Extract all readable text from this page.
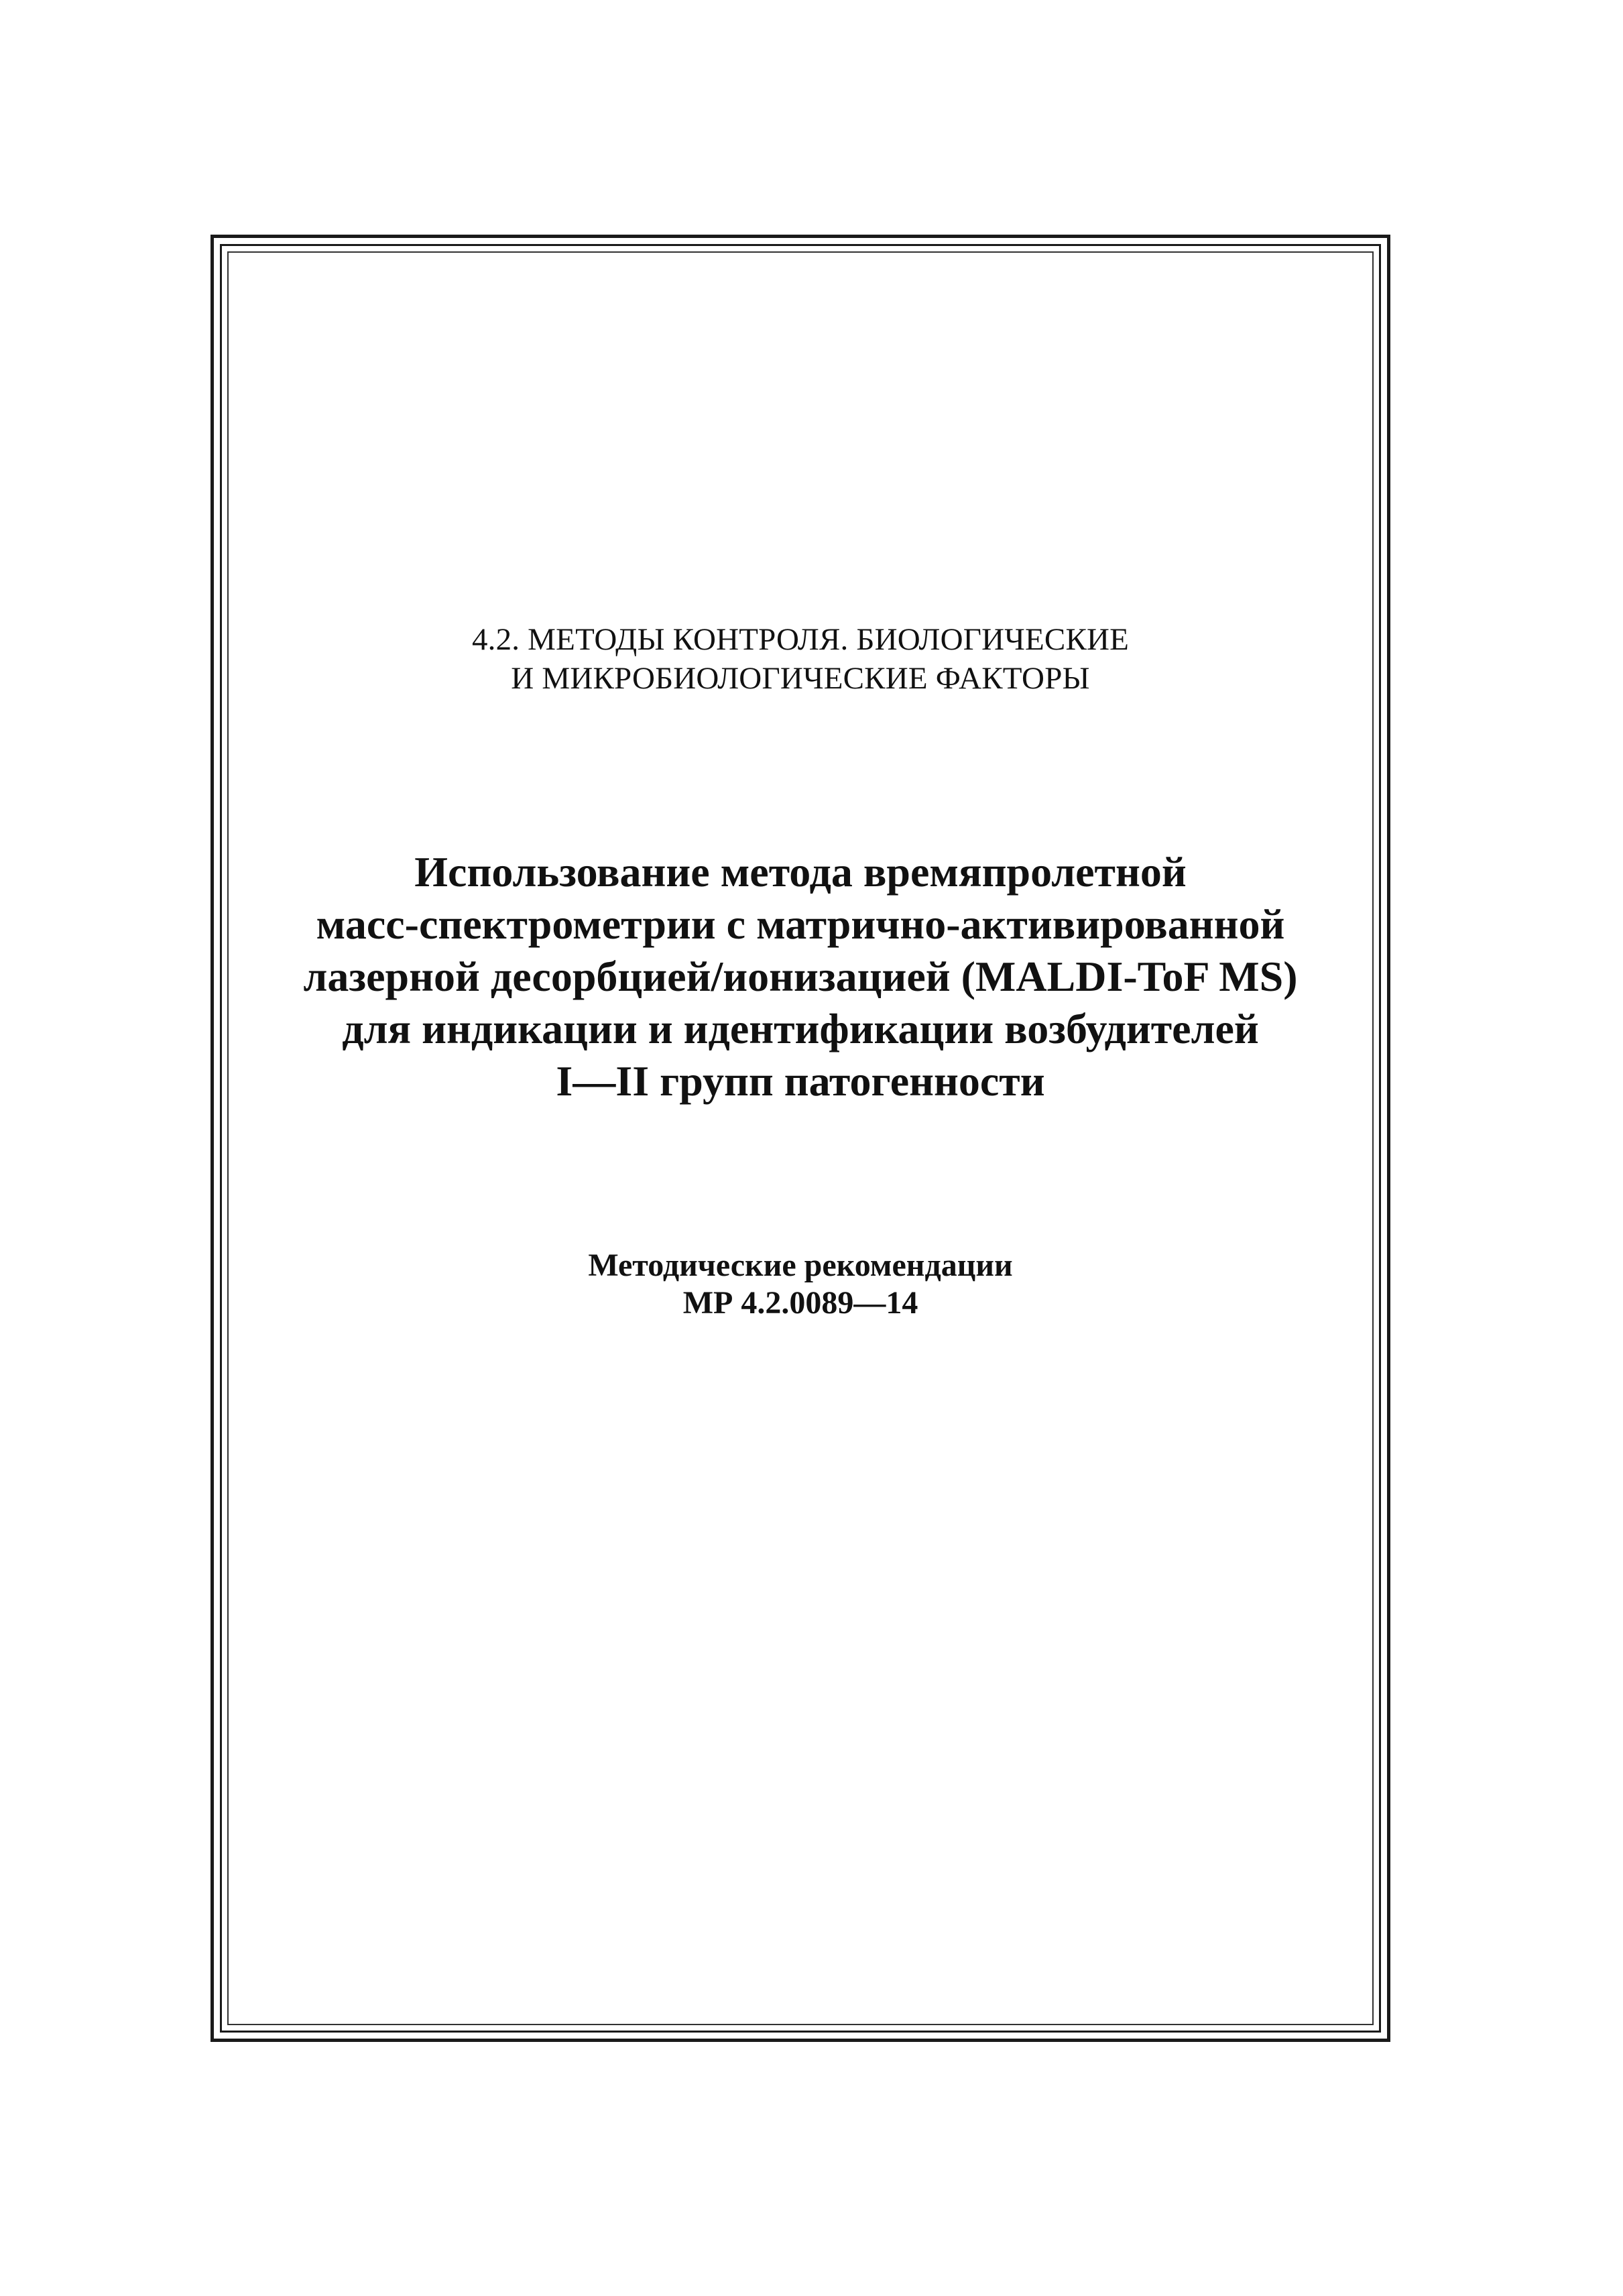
4.2. МЕТОДЫ КОНТРОЛЯ. БИОЛОГИЧЕСКИЕ
И МИКРОБИОЛОГИЧЕСКИЕ ФАКТОРЫ
Использование метода времяпролетной
масс-спектрометрии с матрично-активированной
лазерной десорбцией/ионизацией (MALDI-ToF MS)
для индикации и идентификации возбудителей
I—II групп патогенности
Методические рекомендации
МР 4.2.0089—14
